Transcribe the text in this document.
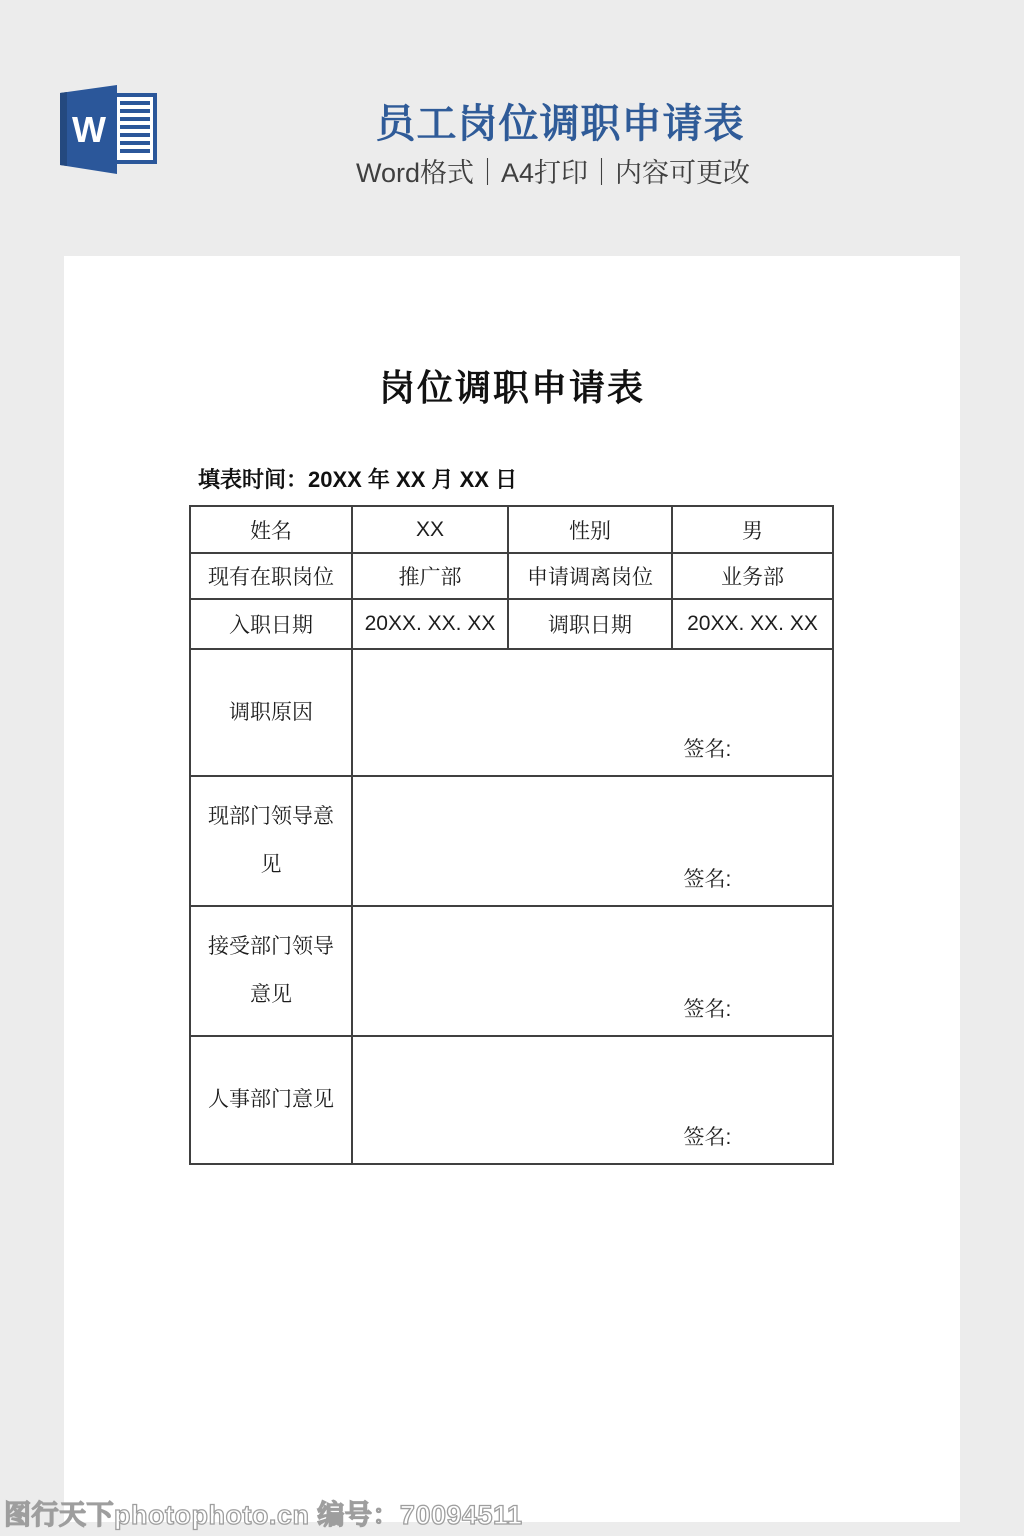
W	员工岗位调职申请表
Word格式｜A4打印｜内容可更改
岗位调职申请表
填表时间：20XX 年 XX 月 XX 日
姓名	XX	性别	男
现有在职岗位	推广部	申请调离岗位	业务部
入职日期	20XX. XX. XX	调职日期	20XX. XX. XX
调职原因	签名:		

现部门领导意见	签名:		

接受部门领导意见	签名:		

人事部门意见	签名:		
图行天下photophoto.cn 编号：70094511
